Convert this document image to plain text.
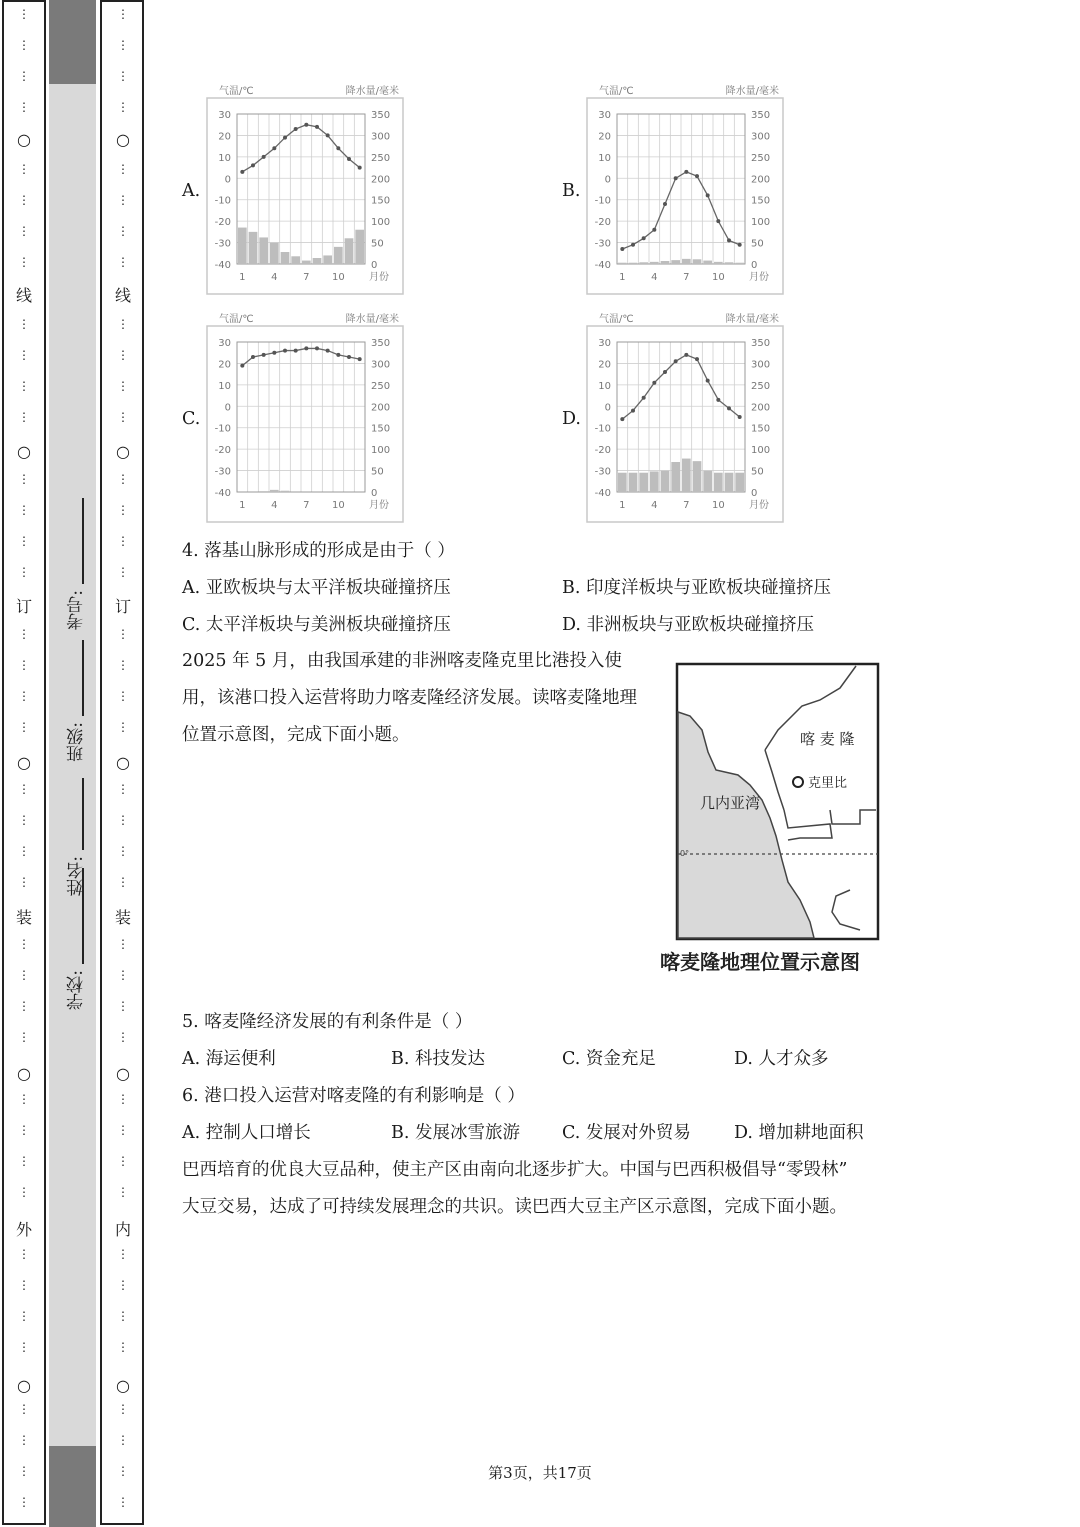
○
○
○
○
○
线
订
装
外
⋮
⋮
⋮
⋮
⋮
⋮
⋮
⋮
⋮
⋮
⋮
⋮
⋮
⋮
⋮
⋮
⋮
⋮
⋮
⋮
⋮
⋮
⋮
⋮
⋮
⋮
⋮
⋮
⋮
⋮
⋮
⋮
⋮
⋮
⋮
⋮
⋮
⋮
⋮
⋮
○
○
○
○
○
线
订
装
内
⋮
⋮
⋮
⋮
⋮
⋮
⋮
⋮
⋮
⋮
⋮
⋮
⋮
⋮
⋮
⋮
⋮
⋮
⋮
⋮
⋮
⋮
⋮
⋮
⋮
⋮
⋮
⋮
⋮
⋮
⋮
⋮
⋮
⋮
⋮
⋮
⋮
⋮
⋮
⋮
学校:
姓名:
班级:
考号:
A.
气温/℃	降水量/毫米
30
20
10
0
-10
-20
-30
-40
350
300
250
200
150
100
50
0
1	4	7 10 月份
B.
气温/℃	降水量/毫米
30
20
10
0
-10
-20
-30
-40
350
300
250
200
150
100
50
0
1	4	7 10 月份
C.
气温/℃	降水量/毫米
30
20
10
0
-10
-20
-30
-40
350
300
250
200
150
100
50
0
1	4	7 10 月份
D.
气温/℃	降水量/毫米
30
20
10
0
-10
-20
-30
-40
350
300
250
200
150
100
50
0
1	4	7 10 月份
4. 落基山脉形成的形成是由于（ ）
A. 亚欧板块与太平洋板块碰撞挤压	B. 印度洋板块与亚欧板块碰撞挤压
C. 太平洋板块与美洲板块碰撞挤压	D. 非洲板块与亚欧板块碰撞挤压
2025 年 5 月，由我国承建的非洲喀麦隆克里比港投入使用，该港口投入运营将助力喀麦隆经济发展。读喀麦隆地理位置示意图，完成下面小题。	喀 麦 隆
克里比
几内亚湾
0°
喀麦隆地理位置示意图
5. 喀麦隆经济发展的有利条件是（ ）
A. 海运便利	B. 科技发达	C. 资金充足	D. 人才众多
6. 港口投入运营对喀麦隆的有利影响是（ ）
A. 控制人口增长	B. 发展冰雪旅游 C. 发展对外贸易 D. 增加耕地面积
巴西培育的优良大豆品种，使主产区由南向北逐步扩大。中国与巴西积极倡导“零毁林”
大豆交易，达成了可持续发展理念的共识。读巴西大豆主产区示意图，完成下面小题。
第3页，共17页
